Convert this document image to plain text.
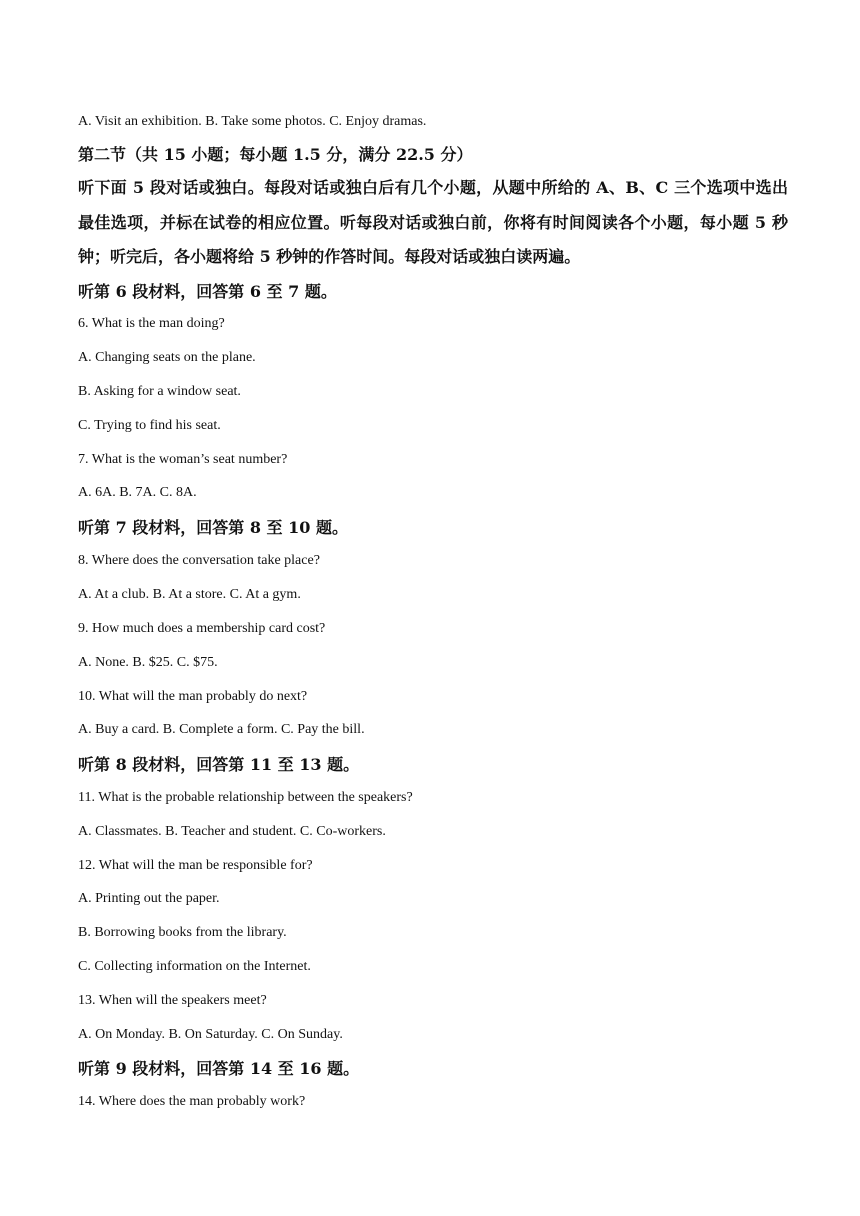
A. Visit an exhibition. B. Take some photos. C. Enjoy dramas.
第二节（共 15 小题；每小题 1.5 分，满分 22.5 分）
听下面 5 段对话或独白。每段对话或独白后有几个小题，从题中所给的 A、B、C 三个选项中选出最佳选项，并标在试卷的相应位置。听每段对话或独白前，你将有时间阅读各个小题，每小题 5 秒钟；听完后，各小题将给 5 秒钟的作答时间。每段对话或独白读两遍。
听第 6 段材料，回答第 6 至 7 题。
6. What is the man doing?
A. Changing seats on the plane.
B. Asking for a window seat.
C. Trying to find his seat.
7. What is the woman’s seat number?
A. 6A. B. 7A. C. 8A.
听第 7 段材料，回答第 8 至 10 题。
8. Where does the conversation take place?
A. At a club. B. At a store. C. At a gym.
9. How much does a membership card cost?
A. None. B. $25. C. $75.
10. What will the man probably do next?
A. Buy a card. B. Complete a form. C. Pay the bill.
听第 8 段材料，回答第 11 至 13 题。
11. What is the probable relationship between the speakers?
A. Classmates. B. Teacher and student. C. Co-workers.
12. What will the man be responsible for?
A. Printing out the paper.
B. Borrowing books from the library.
C. Collecting information on the Internet.
13. When will the speakers meet?
A. On Monday. B. On Saturday. C. On Sunday.
听第 9 段材料，回答第 14 至 16 题。
14. Where does the man probably work?
